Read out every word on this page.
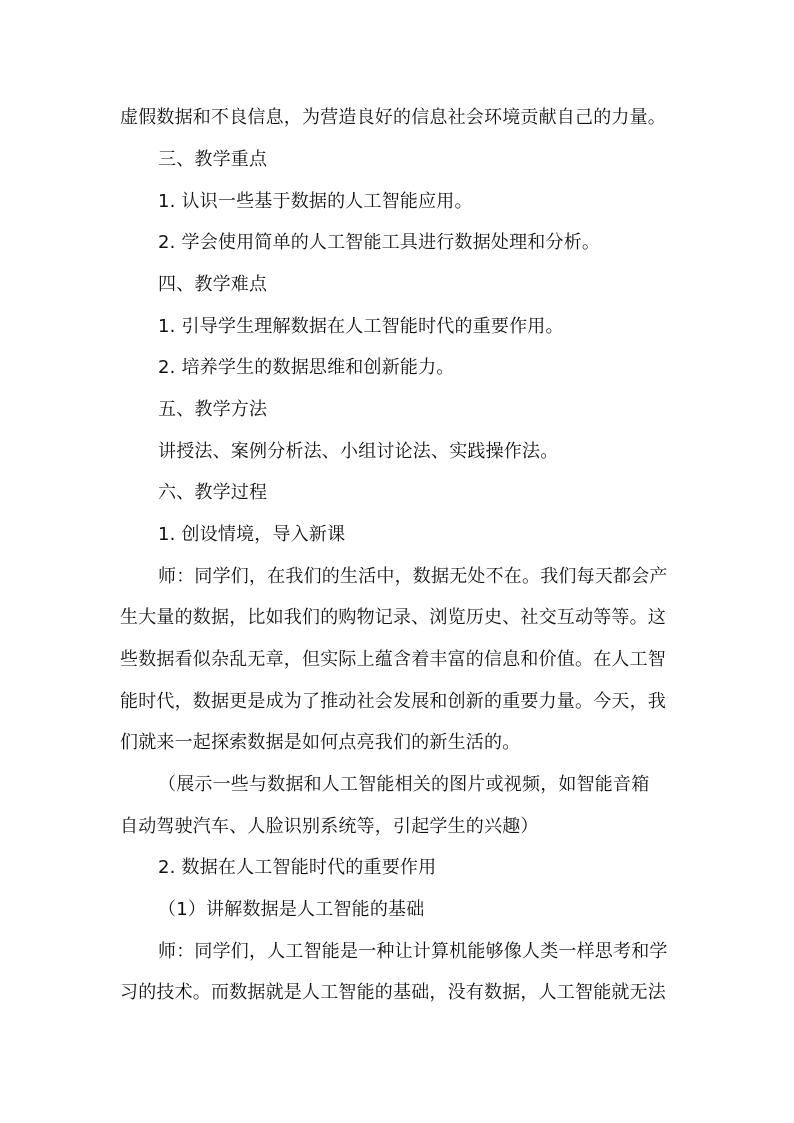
虚假数据和不良信息，为营造良好的信息社会环境贡献自己的力量。
三、教学重点
1. 认识一些基于数据的人工智能应用。
2. 学会使用简单的人工智能工具进行数据处理和分析。
四、教学难点
1. 引导学生理解数据在人工智能时代的重要作用。
2. 培养学生的数据思维和创新能力。
五、教学方法
讲授法、案例分析法、小组讨论法、实践操作法。
六、教学过程
1. 创设情境，导入新课
师：同学们，在我们的生活中，数据无处不在。我们每天都会产
生大量的数据，比如我们的购物记录、浏览历史、社交互动等等。这
些数据看似杂乱无章，但实际上蕴含着丰富的信息和价值。在人工智
能时代，数据更是成为了推动社会发展和创新的重要力量。今天，我
们就来一起探索数据是如何点亮我们的新生活的。
（展示一些与数据和人工智能相关的图片或视频，如智能音箱
自动驾驶汽车、人脸识别系统等，引起学生的兴趣）
2. 数据在人工智能时代的重要作用
（1）讲解数据是人工智能的基础
师：同学们，人工智能是一种让计算机能够像人类一样思考和学
习的技术。而数据就是人工智能的基础，没有数据，人工智能就无法
